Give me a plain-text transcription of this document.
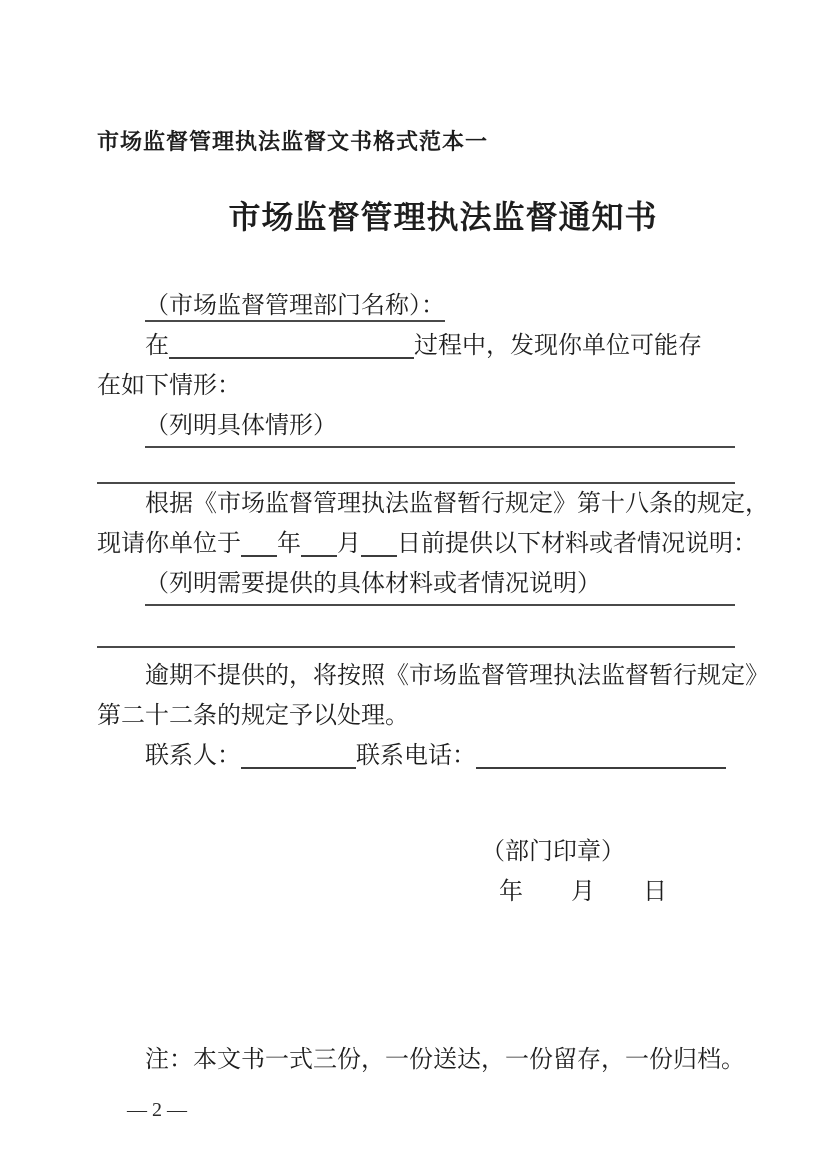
市场监督管理执法监督文书格式范本一
市场监督管理执法监督通知书
（市场监督管理部门名称）：
在	过程中，发现你单位可能存
在如下情形：
（列明具体情形）
根据《市场监督管理执法监督暂行规定》第十八条的规定，
现请你单位于 年 月 日前提供以下材料或者情况说明：
（列明需要提供的具体材料或者情况说明）
逾期不提供的，将按照《市场监督管理执法监督暂行规定》
第二十二条的规定予以处理。
联系人：	联系电话：
（部门印章）
年　　月　　日
注：本文书一式三份，一份送达，一份留存，一份归档。
— 2 —
